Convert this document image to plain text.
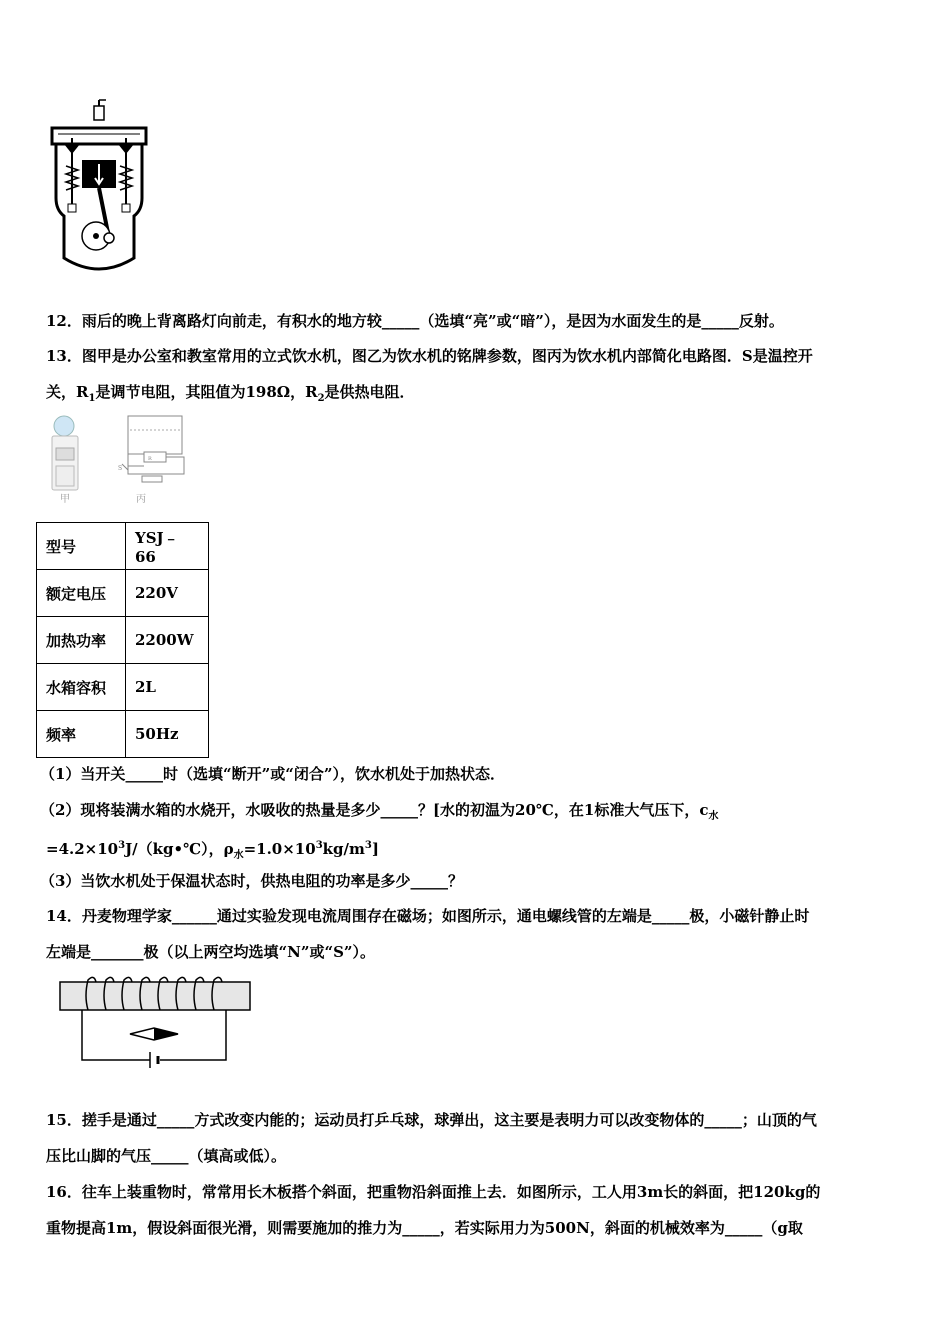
12．雨后的晚上背离路灯向前走，有积水的地方较_____（选填“亮”或“暗”），是因为水面发生的是_____反射。
13．图甲是办公室和教室常用的立式饮水机，图乙为饮水机的铭牌参数，图丙为饮水机内部简化电路图．S是温控开
关，$R_1$是调节电阻，其阻值为198Ω，$R_2$是供热电阻．
甲
S
R
丙
型号	YSJ﹣66
额定电压	220V
加热功率	2200W
水箱容积	2L
频率	50Hz
（1）当开关_____时（选填“断开”或“闭合”），饮水机处于加热状态．
（2）现将装满水箱的水烧开，水吸收的热量是多少_____？[水的初温为20℃，在1标准大气压下，$c_水$
$=4.2\times 10^3J/(kg•℃)$，$\rho_水=1.0\times 10^3kg/m^3$]
（3）当饮水机处于保温状态时，供热电阻的功率是多少_____？
14．丹麦物理学家______通过实验发现电流周围存在磁场；如图所示，通电螺线管的左端是_____极，小磁针静止时
左端是_______极（以上两空均选填“N”或“S”）。
15．搓手是通过_____方式改变内能的；运动员打乒乓球，球弹出，这主要是表明力可以改变物体的_____；山顶的气
压比山脚的气压_____（填高或低）。
16．往车上装重物时，常常用长木板搭个斜面，把重物沿斜面推上去．如图所示，工人用3m长的斜面，把120kg的
重物提高1m，假设斜面很光滑，则需要施加的推力为_____，若实际用力为500N，斜面的机械效率为_____（g取
